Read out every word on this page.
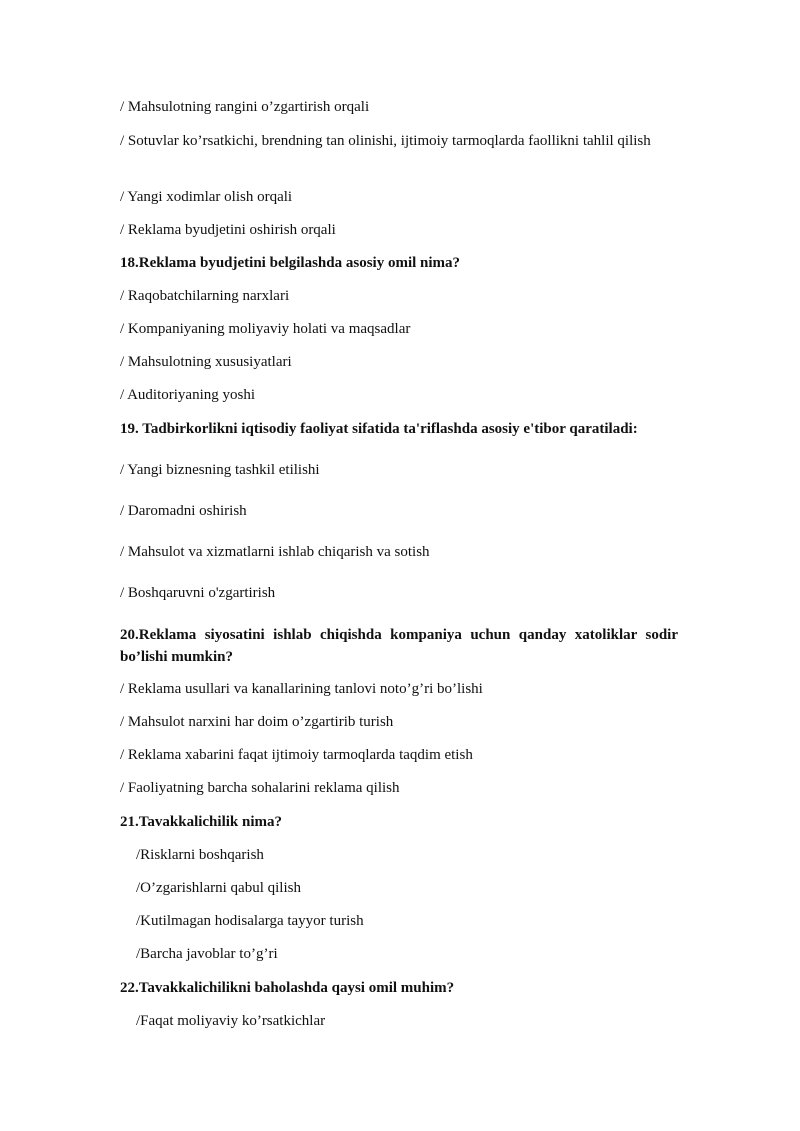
/ Mahsulotning rangini o’zgartirish orqali
/ Sotuvlar ko’rsatkichi, brendning tan olinishi, ijtimoiy tarmoqlarda faollikni tahlil qilish
/ Yangi xodimlar olish orqali
/ Reklama byudjetini oshirish orqali
18.Reklama byudjetini belgilashda asosiy omil nima?
/ Raqobatchilarning narxlari
/ Kompaniyaning moliyaviy holati va maqsadlar
/ Mahsulotning xususiyatlari
/ Auditoriyaning yoshi
19. Tadbirkorlikni iqtisodiy faoliyat sifatida ta'riflashda asosiy e'tibor qaratiladi:
/ Yangi biznesning tashkil etilishi
/ Daromadni oshirish
/ Mahsulot va xizmatlarni ishlab chiqarish va sotish
/ Boshqaruvni o'zgartirish
20.Reklama siyosatini ishlab chiqishda kompaniya uchun qanday xatoliklar sodir bo’lishi mumkin?
/ Reklama usullari va kanallarining tanlovi noto’g’ri bo’lishi
/ Mahsulot narxini har doim o’zgartirib turish
/ Reklama xabarini faqat ijtimoiy tarmoqlarda taqdim etish
/ Faoliyatning barcha sohalarini reklama qilish
21.Tavakkalichilik nima?
/Risklarni boshqarish
/O’zgarishlarni qabul qilish
/Kutilmagan hodisalarga tayyor turish
/Barcha javoblar to’g’ri
22.Tavakkalichilikni baholashda qaysi omil muhim?
/Faqat moliyaviy ko’rsatkichlar
